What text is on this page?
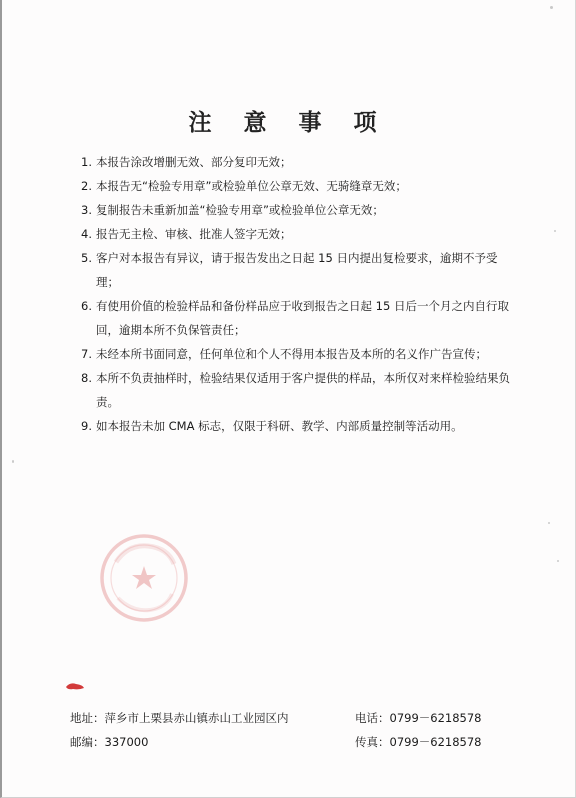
注 意 事 项
1. 本报告涂改增删无效、部分复印无效；
2. 本报告无“检验专用章”或检验单位公章无效、无骑缝章无效；
3. 复制报告未重新加盖“检验专用章”或检验单位公章无效；
4. 报告无主检、审核、批准人签字无效；
5. 客户对本报告有异议，请于报告发出之日起 15 日内提出复检要求，逾期不予受理；
6. 有使用价值的检验样品和备份样品应于收到报告之日起 15 日后一个月之内自行取回，逾期本所不负保管责任；
7. 未经本所书面同意，任何单位和个人不得用本报告及本所的名义作广告宣传；
8. 本所不负责抽样时，检验结果仅适用于客户提供的样品，本所仅对来样检验结果负责。
9. 如本报告未加 CMA 标志，仅限于科研、教学、内部质量控制等活动用。
地址：萍乡市上栗县赤山镇赤山工业园区内	电话：0799－6218578
邮编：337000	传真：0799－6218578
